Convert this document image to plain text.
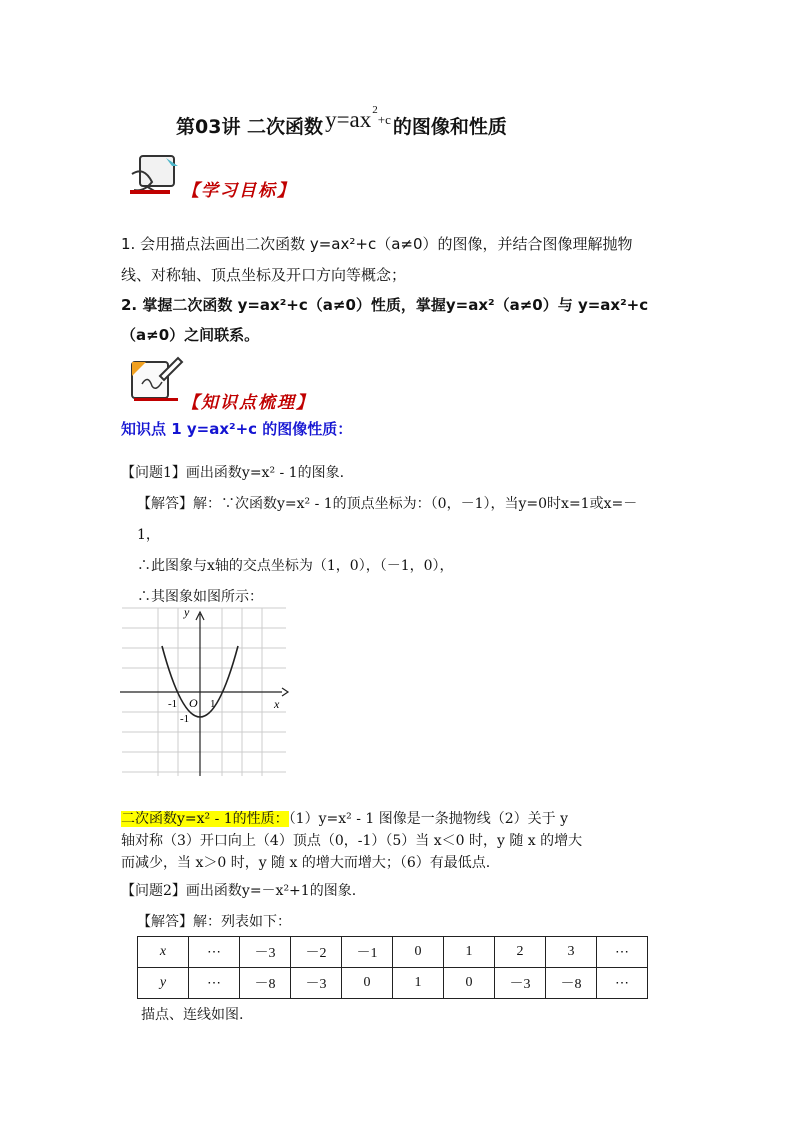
第03讲 二次函数$y=ax^{2+c}$ 的图像和性质
【学习目标】
1. 会用描点法画出二次函数 y=ax²+c（a≠0）的图像，并结合图像理解抛物
线、对称轴、顶点坐标及开口方向等概念；
2. 掌握二次函数 y=ax²+c（a≠0）性质，掌握y=ax²（a≠0）与 y=ax²+c
（a≠0）之间联系。
【知识点梳理】
知识点 1 y=ax²+c 的图像性质：
【问题1】画出函数y=x² - 1的图象.
【解答】解：∵次函数y=x² - 1的顶点坐标为：（0，－1），当y=0时x=1或x=－
1，
∴此图象与x轴的交点坐标为（1，0），（－1，0），
∴其图象如图所示：
y
x
O
-1	1
-1
二次函数y=x² - 1的性质：（1）y=x² - 1 图像是一条抛物线（2）关于 y
轴对称（3）开口向上（4）顶点（0，-1）（5）当 x＜0 时，y 随 x 的增大
而减少，当 x＞0 时，y 随 x 的增大而增大；（6）有最低点.
【问题2】画出函数y=－x²+1的图象.
【解答】解：列表如下：
x	⋯	－3	－2	－1	0	1	2	3	⋯
y	⋯	－8	－3	0	1	0	－3	－8	⋯
描点、连线如图.
